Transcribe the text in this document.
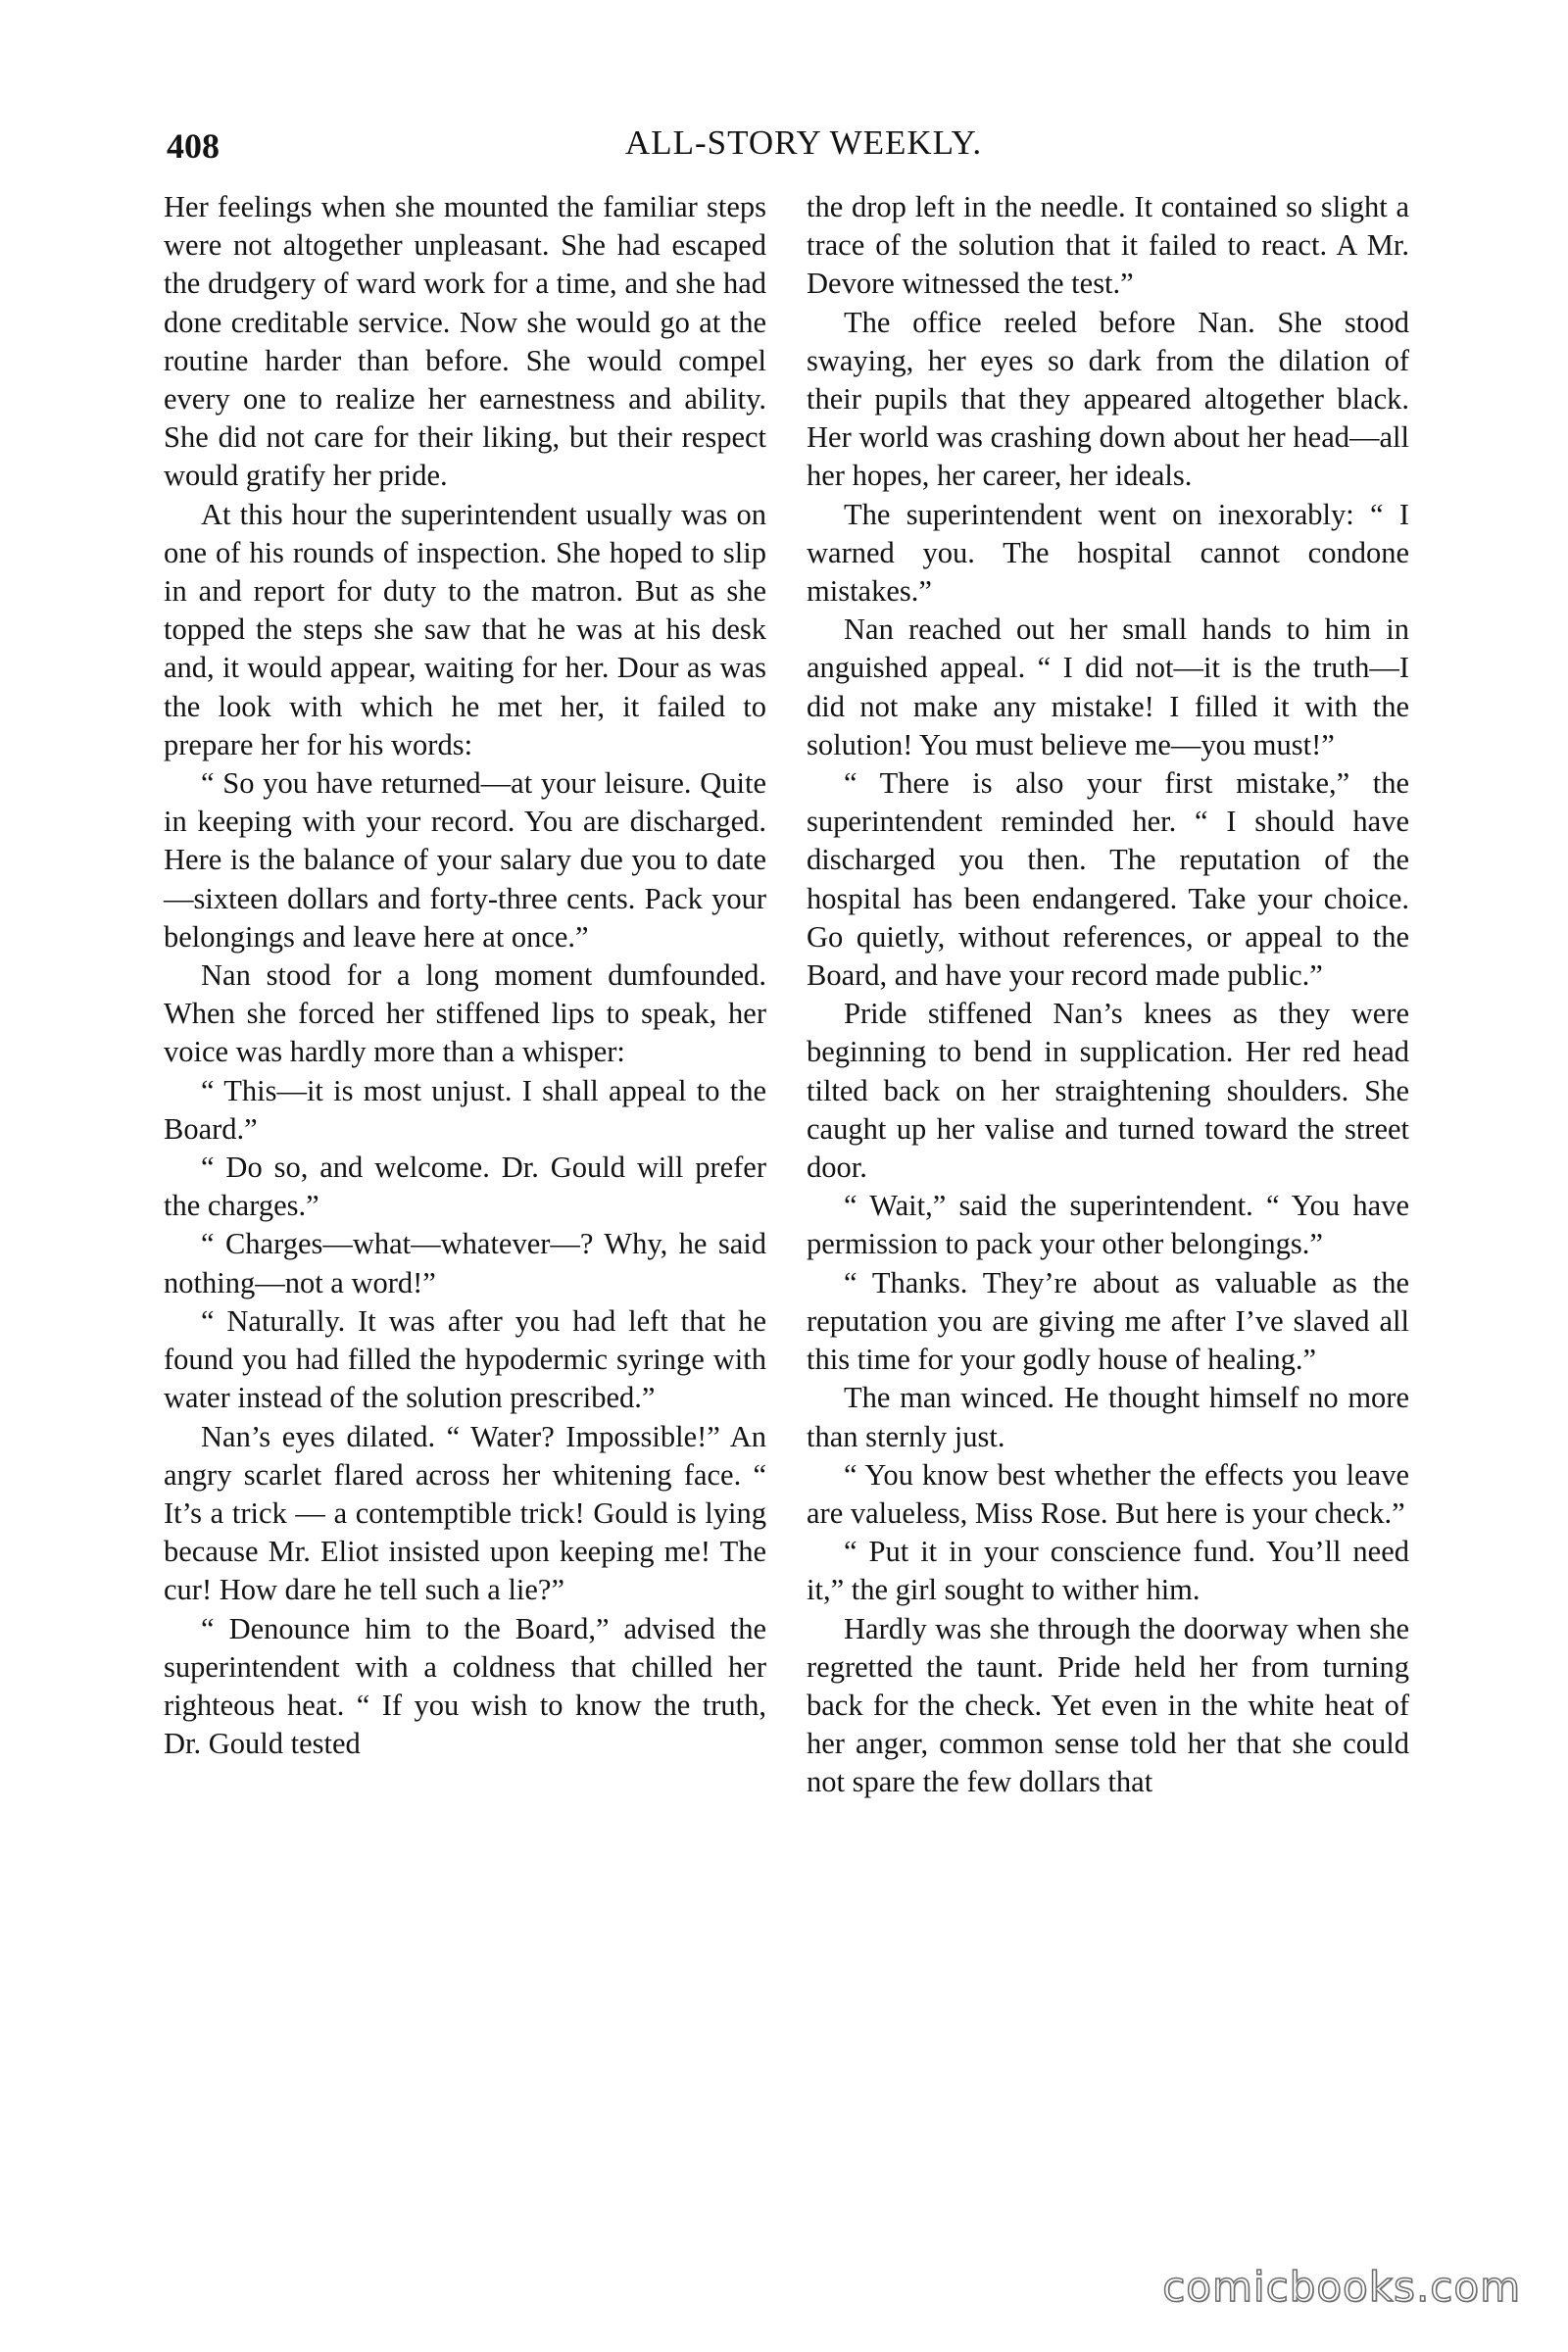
408	ALL-STORY WEEKLY.

Her feelings when she mounted the familiar steps were not altogether unpleasant. She had escaped the drudgery of ward work for a time, and she had done creditable service. Now she would go at the routine harder than before. She would compel every one to realize her earnestness and ability. She did not care for their liking, but their respect would gratify her pride.

At this hour the superintendent usually was on one of his rounds of inspection. She hoped to slip in and report for duty to the matron. But as she topped the steps she saw that he was at his desk and, it would appear, waiting for her. Dour as was the look with which he met her, it failed to prepare her for his words:

“ So you have returned—at your leisure. Quite in keeping with your record. You are discharged. Here is the balance of your salary due you to date—sixteen dollars and forty-three cents. Pack your belongings and leave here at once.”

Nan stood for a long moment dumfounded. When she forced her stiffened lips to speak, her voice was hardly more than a whisper:

“ This—it is most unjust. I shall appeal to the Board.”

“ Do so, and welcome. Dr. Gould will prefer the charges.”

“ Charges—what—whatever—? Why, he said nothing—not a word!”

“ Naturally. It was after you had left that he found you had filled the hypodermic syringe with water instead of the solution prescribed.”

Nan’s eyes dilated. “ Water? Impossible!” An angry scarlet flared across her whitening face. “ It’s a trick — a contemptible trick! Gould is lying because Mr. Eliot insisted upon keeping me! The cur! How dare he tell such a lie?”

“ Denounce him to the Board,” advised the superintendent with a coldness that chilled her righteous heat. “ If you wish to know the truth, Dr. Gould tested

the drop left in the needle. It contained so slight a trace of the solution that it failed to react. A Mr. Devore witnessed the test.”

The office reeled before Nan. She stood swaying, her eyes so dark from the dilation of their pupils that they appeared altogether black. Her world was crashing down about her head—all her hopes, her career, her ideals.

The superintendent went on inexorably: “ I warned you. The hospital cannot condone mistakes.”

Nan reached out her small hands to him in anguished appeal. “ I did not—it is the truth—I did not make any mistake! I filled it with the solution! You must believe me—you must!”

“ There is also your first mistake,” the superintendent reminded her. “ I should have discharged you then. The reputation of the hospital has been endangered. Take your choice. Go quietly, without references, or appeal to the Board, and have your record made public.”

Pride stiffened Nan’s knees as they were beginning to bend in supplication. Her red head tilted back on her straightening shoulders. She caught up her valise and turned toward the street door.

“ Wait,” said the superintendent. “ You have permission to pack your other belongings.”

“ Thanks. They’re about as valuable as the reputation you are giving me after I’ve slaved all this time for your godly house of healing.”

The man winced. He thought himself no more than sternly just.

“ You know best whether the effects you leave are valueless, Miss Rose. But here is your check.”

“ Put it in your conscience fund. You’ll need it,” the girl sought to wither him.

Hardly was she through the doorway when she regretted the taunt. Pride held her from turning back for the check. Yet even in the white heat of her anger, common sense told her that she could not spare the few dollars that

comicbooks.com
